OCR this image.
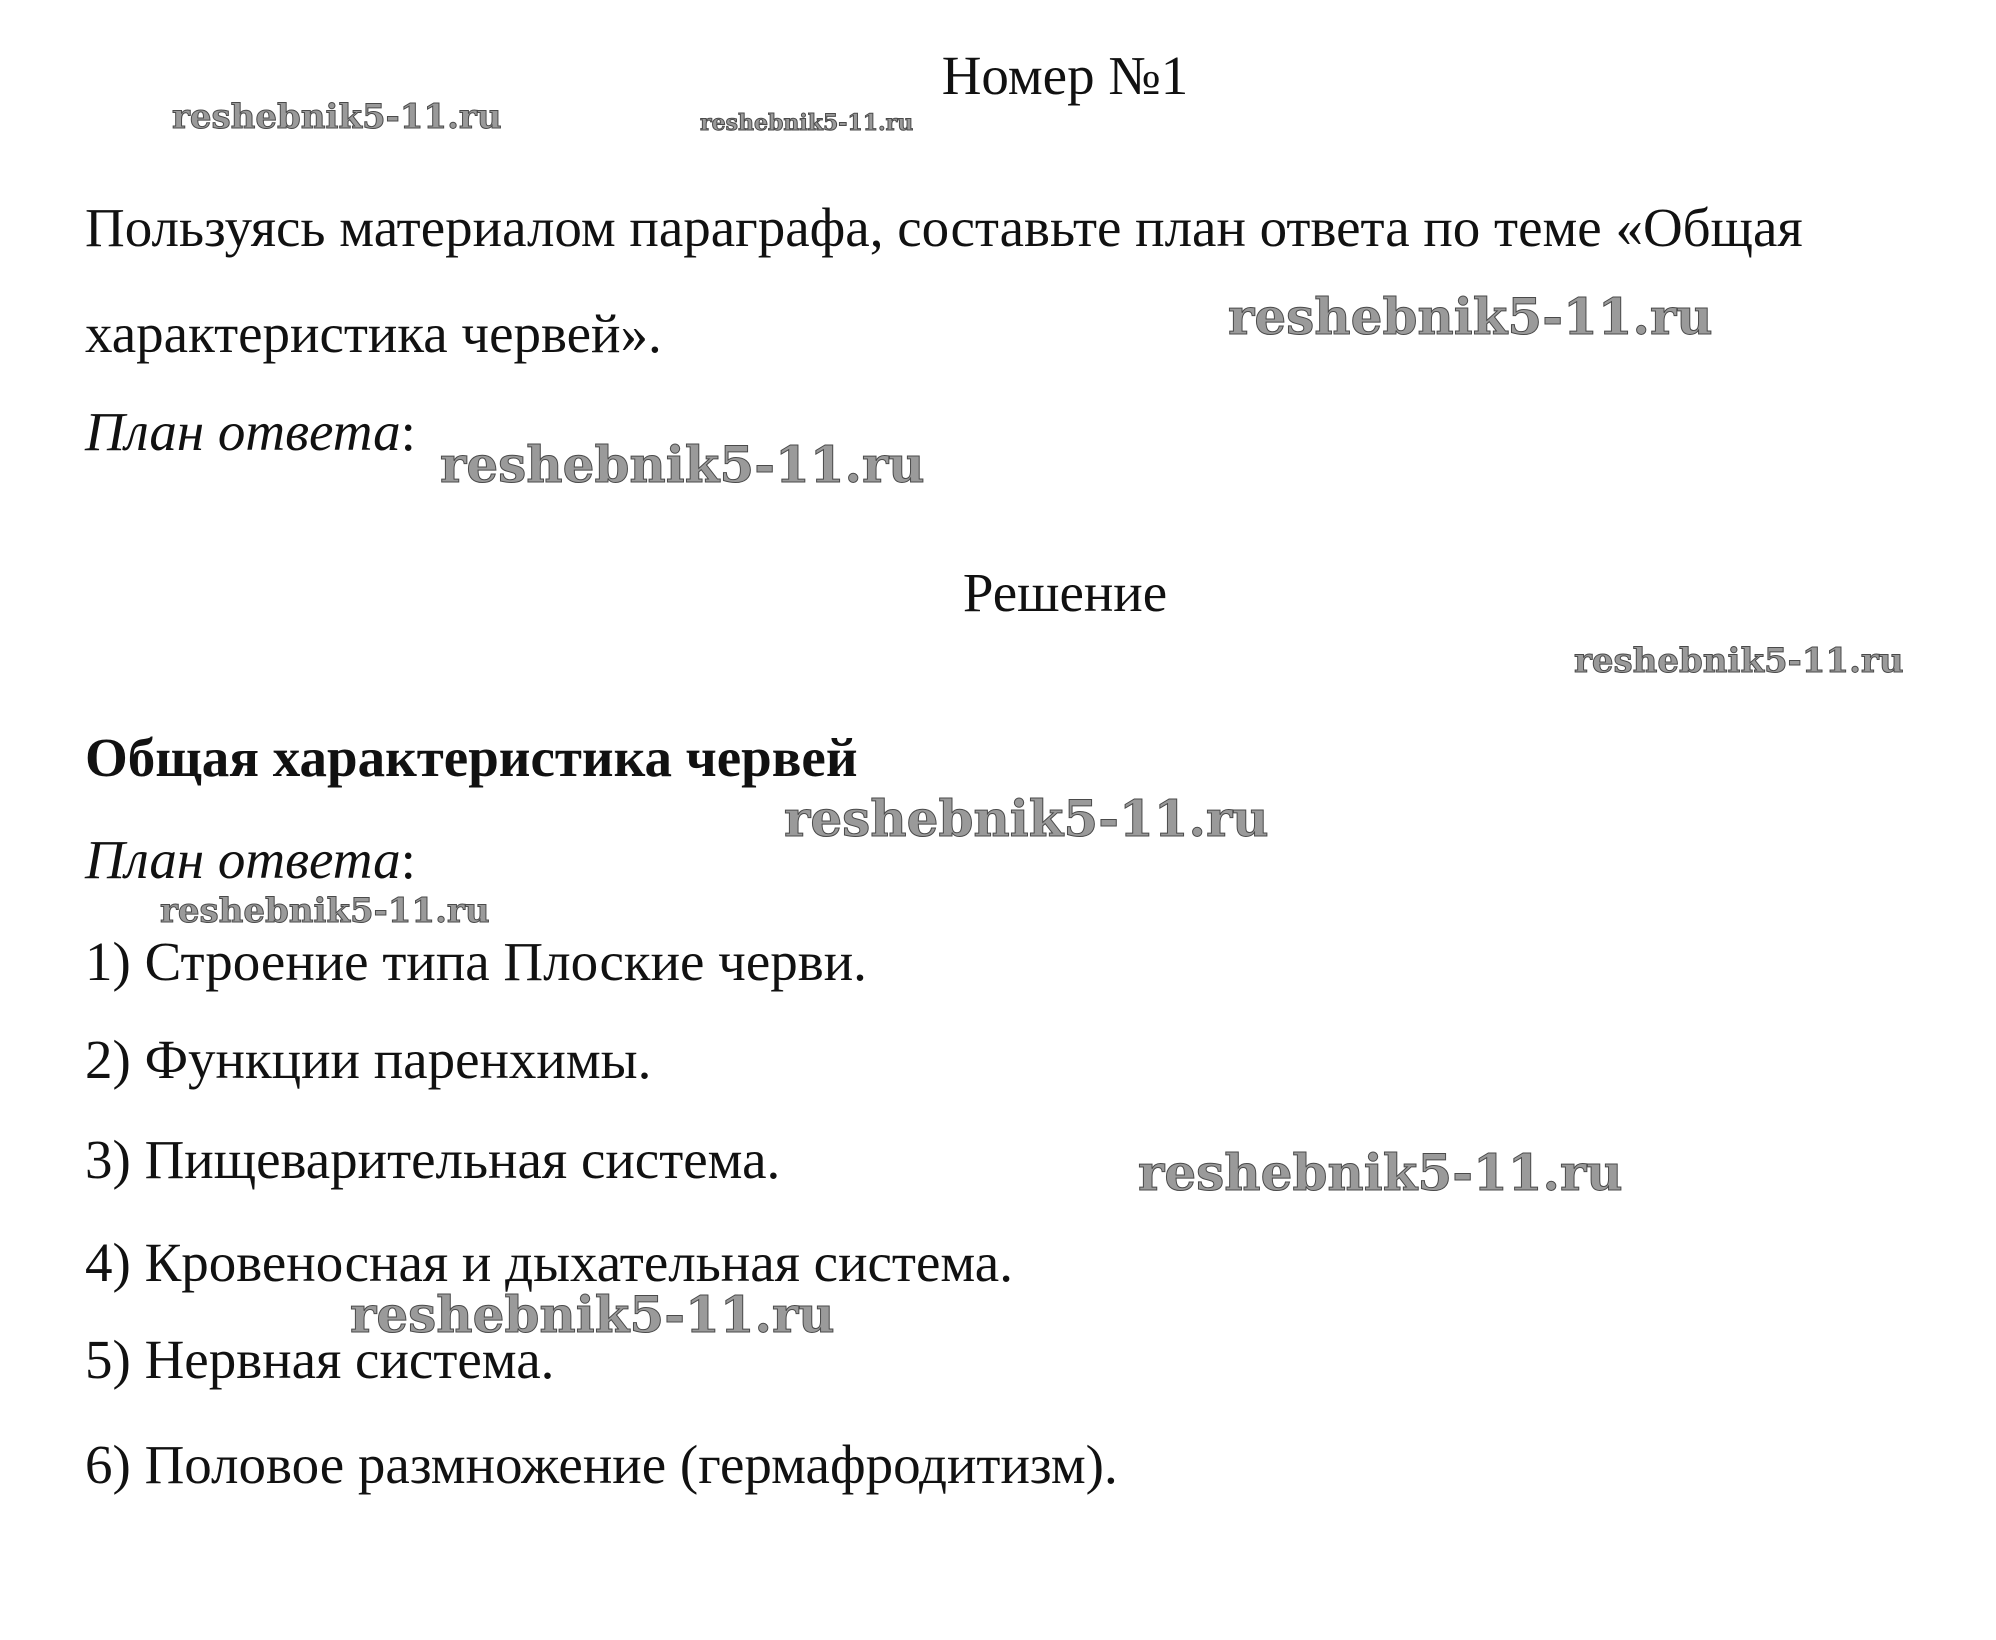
Номер №1
Пользуясь материалом параграфа, составьте план ответа по теме «Общая
характеристика червей».
План ответа:
Решение
Общая характеристика червей
План ответа:
1) Строение типа Плоские черви.
2) Функции паренхимы.
3) Пищеварительная система.
4) Кровеносная и дыхательная система.
5) Нервная система.
6) Половое размножение (гермафродитизм).
reshebnik5-11.ru	reshebnik5-11.ru
reshebnik5-11.ru
reshebnik5-11.ru
reshebnik5-11.ru
reshebnik5-11.ru
reshebnik5-11.ru
reshebnik5-11.ru
reshebnik5-11.ru
